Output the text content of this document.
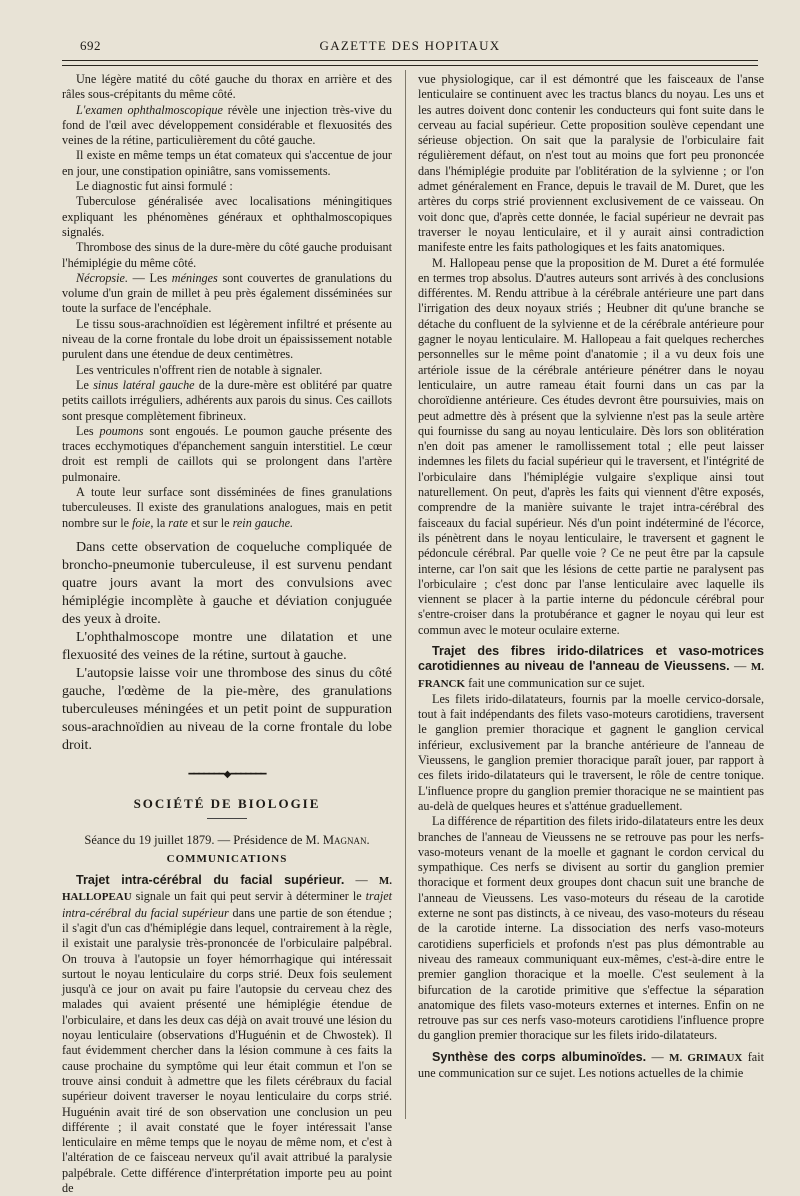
692	GAZETTE DES HOPITAUX

Une légère matité du côté gauche du thorax en arrière et des râles sous-crépitants du même côté.

L'examen ophthalmoscopique révèle une injection très-vive du fond de l'œil avec développement considérable et flexuosités des veines de la rétine, particulièrement du côté gauche.

Il existe en même temps un état comateux qui s'accentue de jour en jour, une constipation opiniâtre, sans vomissements.

Le diagnostic fut ainsi formulé :

Tuberculose généralisée avec localisations méningitiques expliquant les phénomènes généraux et ophthalmoscopiques signalés.

Thrombose des sinus de la dure-mère du côté gauche produisant l'hémiplégie du même côté.

Nécropsie. — Les méninges sont couvertes de granulations du volume d'un grain de millet à peu près également disséminées sur toute la surface de l'encéphale.

Le tissu sous-arachnoïdien est légèrement infiltré et présente au niveau de la corne frontale du lobe droit un épaississement notable purulent dans une étendue de deux centimètres.

Les ventricules n'offrent rien de notable à signaler.

Le sinus latéral gauche de la dure-mère est oblitéré par quatre petits caillots irréguliers, adhérents aux parois du sinus. Ces caillots sont presque complètement fibrineux.

Les poumons sont engoués. Le poumon gauche présente des traces ecchymotiques d'épanchement sanguin interstitiel. Le cœur droit est rempli de caillots qui se prolongent dans l'artère pulmonaire.

A toute leur surface sont disséminées de fines granulations tuberculeuses. Il existe des granulations analogues, mais en petit nombre sur le foie, la rate et sur le rein gauche.

Dans cette observation de coqueluche compliquée de broncho-pneumonie tuberculeuse, il est survenu pendant quatre jours avant la mort des convulsions avec hémiplégie incomplète à gauche et déviation conjuguée des yeux à droite.

L'ophthalmoscope montre une dilatation et une flexuosité des veines de la rétine, surtout à gauche.

L'autopsie laisse voir une thrombose des sinus du côté gauche, l'œdème de la pie-mère, des granulations tuberculeuses méningées et un petit point de suppuration sous-arachnoïdien au niveau de la corne frontale du lobe droit.

━━━━━━━◆━━━━━━━
SOCIÉTÉ DE BIOLOGIE
Séance du 19 juillet 1879. — Présidence de M. Magnan.
COMMUNICATIONS

Trajet intra-cérébral du facial supérieur. — M. HALLOPEAU signale un fait qui peut servir à déterminer le trajet intra-cérébral du facial supérieur dans une partie de son étendue ; il s'agit d'un cas d'hémiplégie dans lequel, contrairement à la règle, il existait une paralysie très-prononcée de l'orbiculaire palpébral. On trouva à l'autopsie un foyer hémorrhagique qui intéressait surtout le noyau lenticulaire du corps strié. Deux fois seulement jusqu'à ce jour on avait pu faire l'autopsie du cerveau chez des malades qui avaient présenté une hémiplégie étendue de l'orbiculaire, et dans les deux cas déjà on avait trouvé une lésion du noyau lenticulaire (observations d'Huguénin et de Chwostek). Il faut évidemment chercher dans la lésion commune à ces faits la cause prochaine du symptôme qui leur était commun et l'on se trouve ainsi conduit à admettre que les filets cérébraux du facial supérieur doivent traverser le noyau lenticulaire du corps strié. Huguénin avait tiré de son observation une conclusion un peu différente ; il avait constaté que le foyer intéressait l'anse lenticulaire en même temps que le noyau de même nom, et c'est à l'altération de ce faisceau nerveux qu'il avait attribué la paralysie palpébrale. Cette différence d'interprétation importe peu au point de

vue physiologique, car il est démontré que les faisceaux de l'anse lenticulaire se continuent avec les tractus blancs du noyau. Les uns et les autres doivent donc contenir les conducteurs qui font suite dans le cerveau au facial supérieur. Cette proposition soulève cependant une sérieuse objection. On sait que la paralysie de l'orbiculaire fait régulièrement défaut, on n'est tout au moins que fort peu prononcée dans l'hémiplégie produite par l'oblitération de la sylvienne ; or l'on admet généralement en France, depuis le travail de M. Duret, que les artères du corps strié proviennent exclusivement de ce vaisseau. On voit donc que, d'après cette donnée, le facial supérieur ne devrait pas traverser le noyau lenticulaire, et il y aurait ainsi contradiction manifeste entre les faits pathologiques et les faits anatomiques.

M. Hallopeau pense que la proposition de M. Duret a été formulée en termes trop absolus. D'autres auteurs sont arrivés à des conclusions différentes. M. Rendu attribue à la cérébrale antérieure une part dans l'irrigation des deux noyaux striés ; Heubner dit qu'une branche se détache du confluent de la sylvienne et de la cérébrale antérieure pour gagner le noyau lenticulaire. M. Hallopeau a fait quelques recherches personnelles sur le même point d'anatomie ; il a vu deux fois une artériole issue de la cérébrale antérieure pénétrer dans le noyau lenticulaire, un autre rameau était fourni dans un cas par la choroïdienne antérieure. Ces études devront être poursuivies, mais on peut admettre dès à présent que la sylvienne n'est pas la seule artère qui fournisse du sang au noyau lenticulaire. Dès lors son oblitération n'en doit pas amener le ramollissement total ; elle peut laisser indemnes les filets du facial supérieur qui le traversent, et l'intégrité de l'orbiculaire dans l'hémiplégie vulgaire s'explique ainsi tout naturellement. On peut, d'après les faits qui viennent d'être exposés, comprendre de la manière suivante le trajet intra-cérébral des faisceaux du facial supérieur. Nés d'un point indéterminé de l'écorce, ils pénètrent dans le noyau lenticulaire, le traversent et gagnent le pédoncule cérébral. Par quelle voie ? Ce ne peut être par la capsule interne, car l'on sait que les lésions de cette partie ne paralysent pas l'orbiculaire ; c'est donc par l'anse lenticulaire avec laquelle ils viennent se placer à la partie interne du pédoncule cérébral pour s'entre-croiser dans la protubérance et gagner le noyau qui leur est commun avec le moteur oculaire externe.

Trajet des fibres irido-dilatrices et vaso-motrices carotidiennes au niveau de l'anneau de Vieussens. — M. FRANCK fait une communication sur ce sujet.

Les filets irido-dilatateurs, fournis par la moelle cervico-dorsale, tout à fait indépendants des filets vaso-moteurs carotidiens, traversent le ganglion premier thoracique et gagnent le ganglion cervical inférieur, exclusivement par la branche antérieure de l'anneau de Vieussens, le ganglion premier thoracique paraît jouer, par rapport à ces filets irido-dilatateurs qui le traversent, le rôle de centre tonique. L'influence propre du ganglion premier thoracique ne se maintient pas au-delà de quelques heures et s'atténue graduellement.

La différence de répartition des filets irido-dilatateurs entre les deux branches de l'anneau de Vieussens ne se retrouve pas pour les nerfs-vaso-moteurs venant de la moelle et gagnant le cordon cervical du sympathique. Ces nerfs se divisent au sortir du ganglion premier thoracique et forment deux groupes dont chacun suit une branche de l'anneau de Vieussens. Les vaso-moteurs du réseau de la carotide externe ne sont pas distincts, à ce niveau, des vaso-moteurs du réseau de la carotide interne. La dissociation des nerfs vaso-moteurs carotidiens superficiels et profonds n'est pas plus démontrable au niveau des rameaux communiquant eux-mêmes, c'est-à-dire entre le premier ganglion thoracique et la moelle. C'est seulement à la bifurcation de la carotide primitive que s'effectue la séparation anatomique des filets vaso-moteurs externes et internes. Enfin on ne retrouve pas sur ces nerfs vaso-moteurs carotidiens l'influence propre du ganglion premier thoracique sur les filets irido-dilatateurs.

Synthèse des corps albuminoïdes. — M. GRIMAUX fait une communication sur ce sujet. Les notions actuelles de la chimie
